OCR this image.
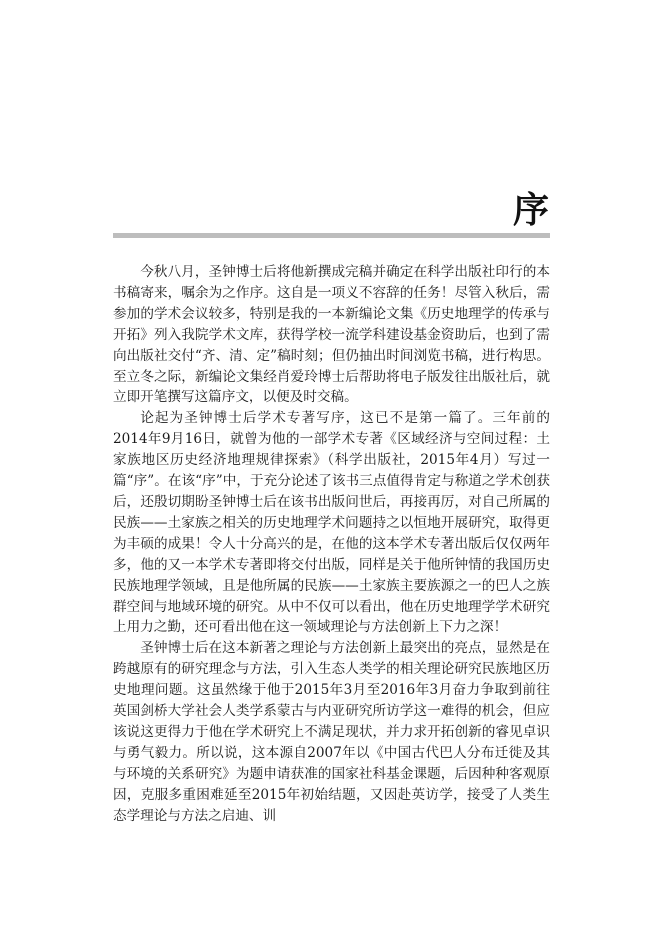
序

今秋八月，圣钟博士后将他新撰成完稿并确定在科学出版社印行的本书稿寄来，嘱余为之作序。这自是一项义不容辞的任务！尽管入秋后，需参加的学术会议较多，特别是我的一本新编论文集《历史地理学的传承与开拓》列入我院学术文库，获得学校一流学科建设基金资助后，也到了需向出版社交付“齐、清、定”稿时刻；但仍抽出时间浏览书稿，进行构思。至立冬之际，新编论文集经肖爱玲博士后帮助将电子版发往出版社后，就立即开笔撰写这篇序文，以便及时交稿。

论起为圣钟博士后学术专著写序，这已不是第一篇了。三年前的2014年9月16日，就曾为他的一部学术专著《区域经济与空间过程：土家族地区历史经济地理规律探索》（科学出版社，2015年4月）写过一篇“序”。在该“序”中，于充分论述了该书三点值得肯定与称道之学术创获后，还殷切期盼圣钟博士后在该书出版问世后，再接再厉，对自己所属的民族——土家族之相关的历史地理学术问题持之以恒地开展研究，取得更为丰硕的成果！令人十分高兴的是，在他的这本学术专著出版后仅仅两年多，他的又一本学术专著即将交付出版，同样是关于他所钟情的我国历史民族地理学领域，且是他所属的民族——土家族主要族源之一的巴人之族群空间与地域环境的研究。从中不仅可以看出，他在历史地理学学术研究上用力之勤，还可看出他在这一领域理论与方法创新上下力之深！

圣钟博士后在这本新著之理论与方法创新上最突出的亮点，显然是在跨越原有的研究理念与方法，引入生态人类学的相关理论研究民族地区历史地理问题。这虽然缘于他于2015年3月至2016年3月奋力争取到前往英国剑桥大学社会人类学系蒙古与内亚研究所访学这一难得的机会，但应该说这更得力于他在学术研究上不满足现状，并力求开拓创新的睿见卓识与勇气毅力。所以说，这本源自2007年以《中国古代巴人分布迁徙及其与环境的关系研究》为题申请获准的国家社科基金课题，后因种种客观原因，克服多重困难延至2015年初始结题，又因赴英访学，接受了人类生态学理论与方法之启迪、训
